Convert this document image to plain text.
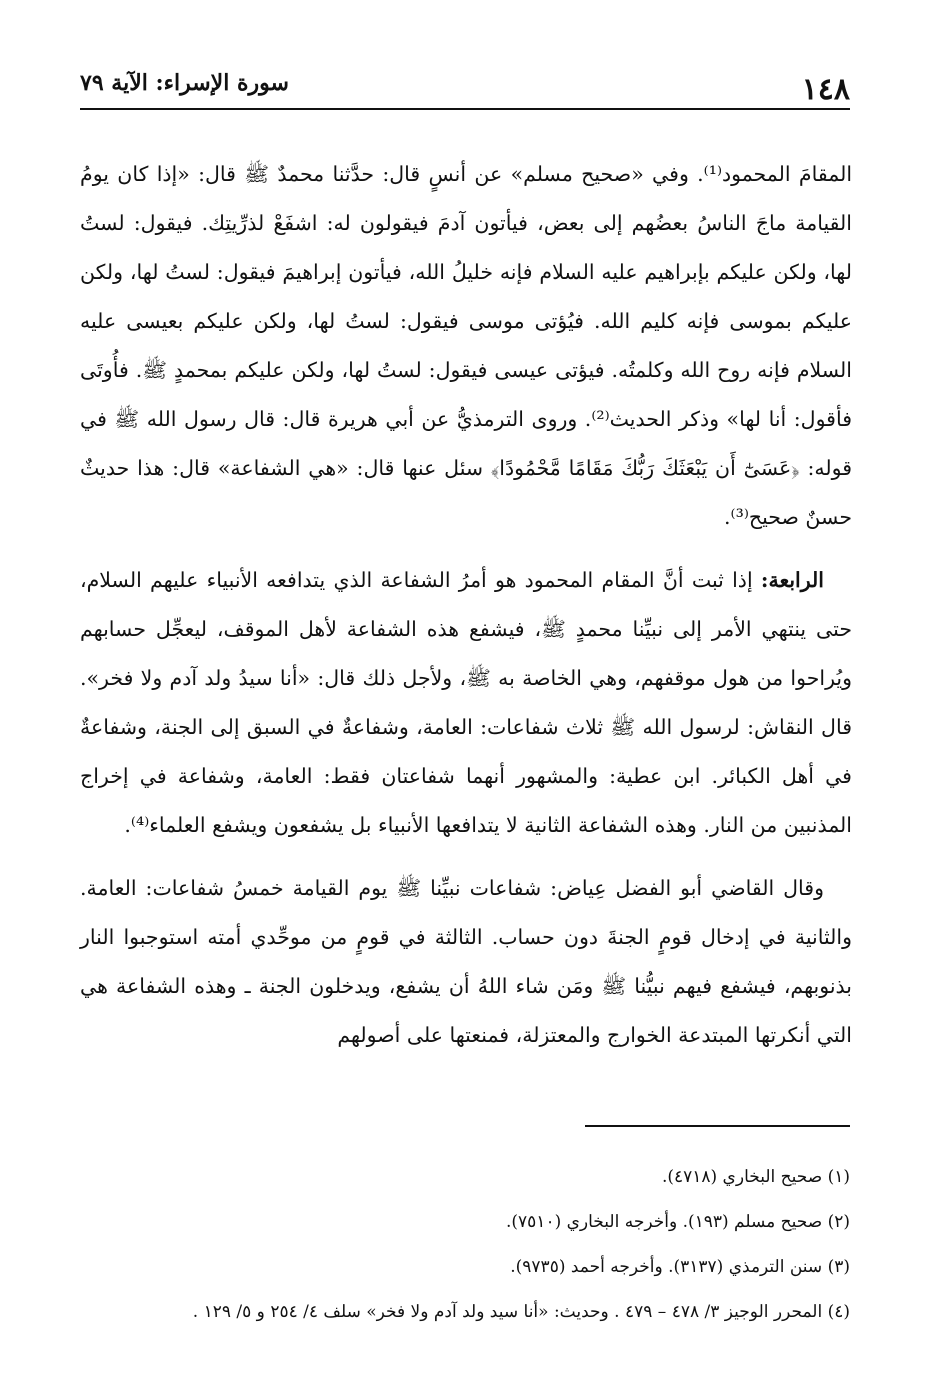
١٤٨
سورة الإسراء: الآية ٧٩

المقامَ المحمود⁽¹⁾. وفي «صحيح مسلم» عن أنسٍ قال: حدَّثنا محمدٌ ﷺ قال: «إذا كان يومُ القيامة ماجَ الناسُ بعضُهم إلى بعض، فيأتون آدمَ فيقولون له: اشفَعْ لذرِّيتِك. فيقول: لستُ لها، ولكن عليكم بإبراهيم عليه السلام فإنه خليلُ الله، فيأتون إبراهيمَ فيقول: لستُ لها، ولكن عليكم بموسى فإنه كليم الله. فيُؤتى موسى فيقول: لستُ لها، ولكن عليكم بعيسى عليه السلام فإنه روح الله وكلمتُه. فيؤتى عيسى فيقول: لستُ لها، ولكن عليكم بمحمدٍ ﷺ. فأُوتَى فأقول: أنا لها» وذكر الحديث⁽²⁾. وروى الترمذيُّ عن أبي هريرة قال: قال رسول الله ﷺ في قوله: ﴿عَسَىٰٓ أَن يَبْعَثَكَ رَبُّكَ مَقَامًا مَّحْمُودًا﴾ سئل عنها قال: «هي الشفاعة» قال: هذا حديثٌ حسنٌ صحيح⁽³⁾.

الرابعة: إذا ثبت أنَّ المقام المحمود هو أمرُ الشفاعة الذي يتدافعه الأنبياء عليهم السلام، حتى ينتهي الأمر إلى نبيِّنا محمدٍ ﷺ، فيشفع هذه الشفاعة لأهل الموقف، ليعجِّل حسابهم ويُراحوا من هول موقفهم، وهي الخاصة به ﷺ، ولأجل ذلك قال: «أنا سيدُ ولد آدم ولا فخر». قال النقاش: لرسول الله ﷺ ثلاث شفاعات: العامة، وشفاعةٌ في السبق إلى الجنة، وشفاعةٌ في أهل الكبائر. ابن عطية: والمشهور أنهما شفاعتان فقط: العامة، وشفاعة في إخراج المذنبين من النار. وهذه الشفاعة الثانية لا يتدافعها الأنبياء بل يشفعون ويشفع العلماء⁽⁴⁾.

وقال القاضي أبو الفضل عِياض: شفاعات نبيِّنا ﷺ يوم القيامة خمسُ شفاعات: العامة. والثانية في إدخال قومٍ الجنةَ دون حساب. الثالثة في قومٍ من موحِّدي أمته استوجبوا النار بذنوبهم، فيشفع فيهم نبيُّنا ﷺ ومَن شاء اللهُ أن يشفع، ويدخلون الجنة ـ وهذه الشفاعة هي التي أنكرتها المبتدعة الخوارج والمعتزلة، فمنعتها على أصولهم

(١) صحيح البخاري (٤٧١٨).
(٢) صحيح مسلم (١٩٣). وأخرجه البخاري (٧٥١٠).
(٣) سنن الترمذي (٣١٣٧). وأخرجه أحمد (٩٧٣٥).
(٤) المحرر الوجيز ٣/ ٤٧٨ – ٤٧٩ . وحديث: «أنا سيد ولد آدم ولا فخر» سلف ٤/ ٢٥٤ و ٥/ ١٢٩ .
